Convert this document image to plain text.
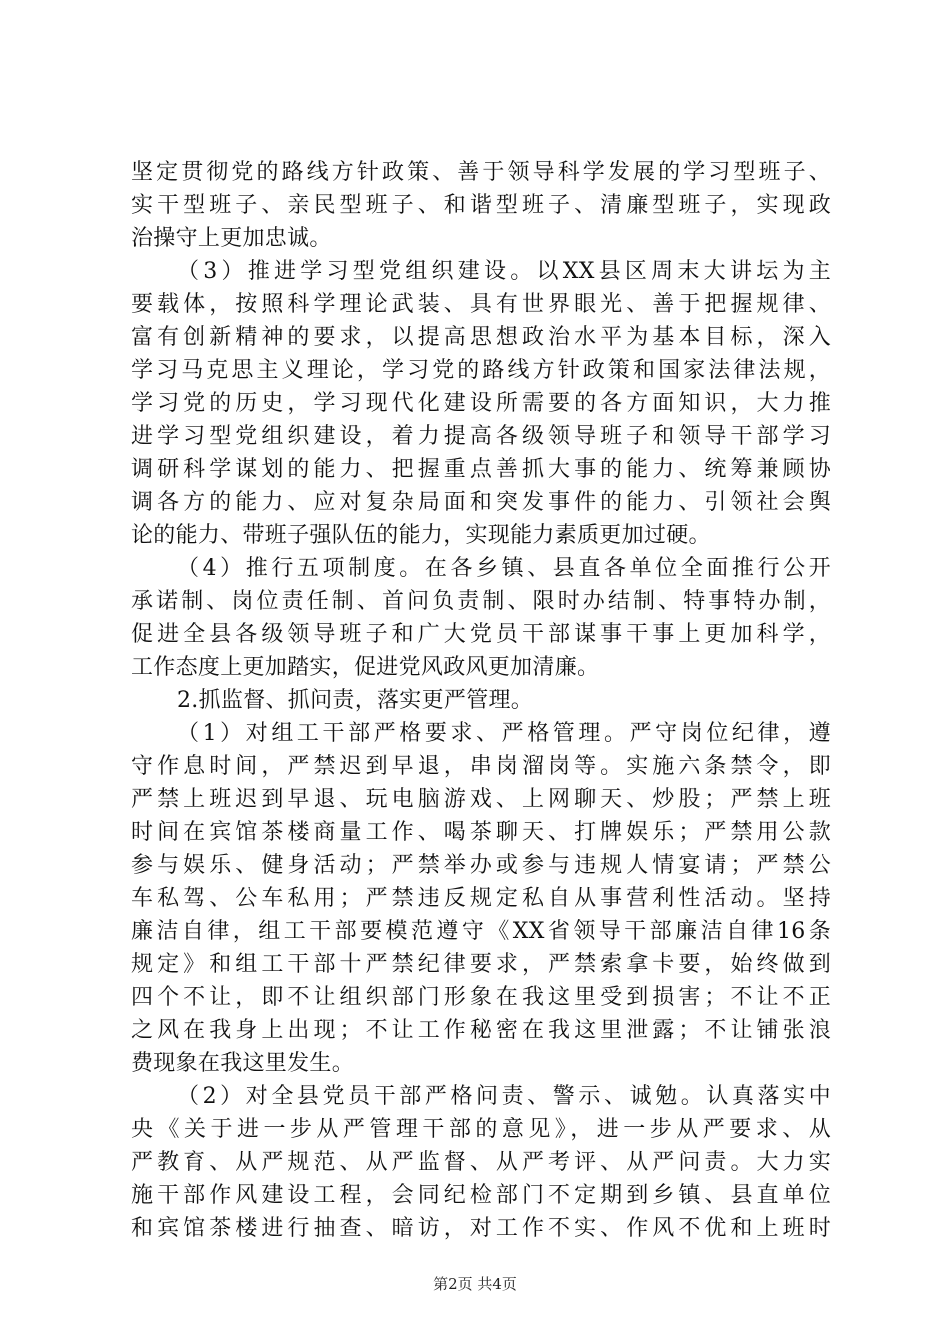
坚定贯彻党的路线方针政策、善于领导科学发展的学习型班子、
实干型班子、亲民型班子、和谐型班子、清廉型班子，实现政
治操守上更加忠诚。
（3）推进学习型党组织建设。以XX县区周末大讲坛为主
要载体，按照科学理论武装、具有世界眼光、善于把握规律、
富有创新精神的要求，以提高思想政治水平为基本目标，深入
学习马克思主义理论，学习党的路线方针政策和国家法律法规，
学习党的历史，学习现代化建设所需要的各方面知识，大力推
进学习型党组织建设，着力提高各级领导班子和领导干部学习
调研科学谋划的能力、把握重点善抓大事的能力、统筹兼顾协
调各方的能力、应对复杂局面和突发事件的能力、引领社会舆
论的能力、带班子强队伍的能力，实现能力素质更加过硬。
（4）推行五项制度。在各乡镇、县直各单位全面推行公开
承诺制、岗位责任制、首问负责制、限时办结制、特事特办制，
促进全县各级领导班子和广大党员干部谋事干事上更加科学，
工作态度上更加踏实，促进党风政风更加清廉。
2.抓监督、抓问责，落实更严管理。
（1）对组工干部严格要求、严格管理。严守岗位纪律，遵
守作息时间，严禁迟到早退，串岗溜岗等。实施六条禁令，即
严禁上班迟到早退、玩电脑游戏、上网聊天、炒股；严禁上班
时间在宾馆茶楼商量工作、喝茶聊天、打牌娱乐；严禁用公款
参与娱乐、健身活动；严禁举办或参与违规人情宴请；严禁公
车私驾、公车私用；严禁违反规定私自从事营利性活动。坚持
廉洁自律，组工干部要模范遵守《XX省领导干部廉洁自律16条
规定》和组工干部十严禁纪律要求，严禁索拿卡要，始终做到
四个不让，即不让组织部门形象在我这里受到损害；不让不正
之风在我身上出现；不让工作秘密在我这里泄露；不让铺张浪
费现象在我这里发生。
（2）对全县党员干部严格问责、警示、诚勉。认真落实中
央《关于进一步从严管理干部的意见》，进一步从严要求、从
严教育、从严规范、从严监督、从严考评、从严问责。大力实
施干部作风建设工程，会同纪检部门不定期到乡镇、县直单位
和宾馆茶楼进行抽查、暗访，对工作不实、作风不优和上班时
第2页 共4页
